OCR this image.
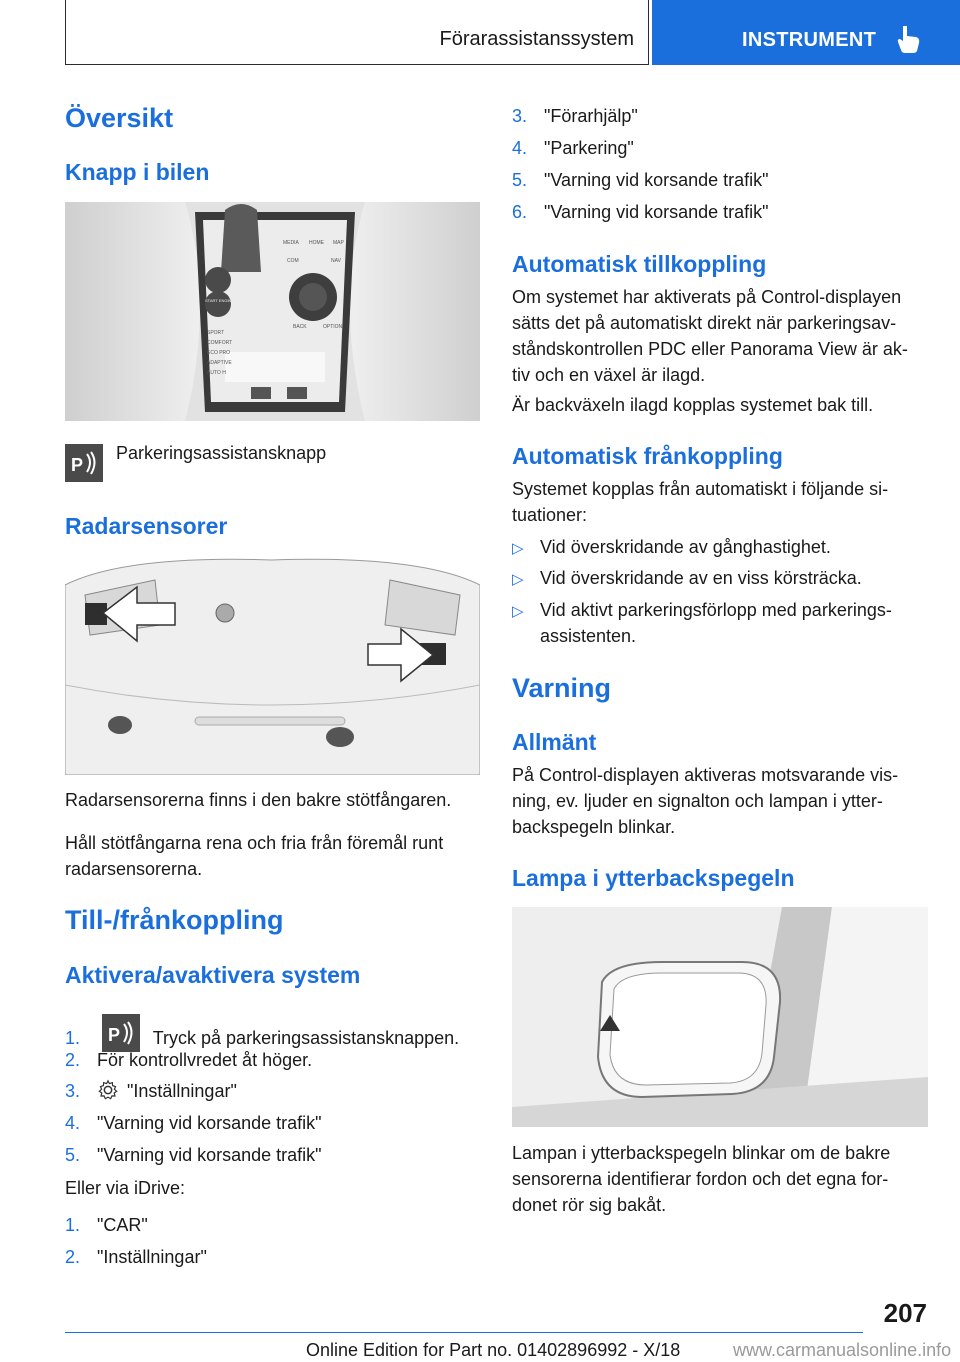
Förarassistanssystem	INSTRUMENT
Översikt
Knapp i bilen
MEDIA HOME MAP
COM	NAV
BACK	OPTION
SPORT
COMFORT
ECO PRO
ADAPTIVE
AUTO H
START ENGINE STOP
P
Parkeringsassistansknapp
Radarsensorer
Radarsensorerna finns i den bakre stötfångaren.
Håll stötfångarna rena och fria från föremål runt
radarsensorerna.
Till-/frånkoppling
Aktivera/avaktivera system
1. P Tryck på parkeringsassistansknappen.
2. För kontrollvredet åt höger.
3.	"Inställningar"
4. "Varning vid korsande trafik"
5. "Varning vid korsande trafik"
Eller via iDrive:
1. "CAR"
2. "Inställningar"
3. "Förarhjälp"
4. "Parkering"
5. "Varning vid korsande trafik"
6. "Varning vid korsande trafik"
Automatisk tillkoppling
Om systemet har aktiverats på Control-displayen
sätts det på automatiskt direkt när parkeringsav-
ståndskontrollen PDC eller Panorama View är ak-
tiv och en växel är ilagd.
Är backväxeln ilagd kopplas systemet bak till.
Automatisk frånkoppling
Systemet kopplas från automatiskt i följande si-
tuationer:
▷ Vid överskridande av gånghastighet.
▷ Vid överskridande av en viss körsträcka.
▷ Vid aktivt parkeringsförlopp med parkerings-
assistenten.
Varning
Allmänt
På Control-displayen aktiveras motsvarande vis-
ning, ev. ljuder en signalton och lampan i ytter-
backspegeln blinkar.
Lampa i ytterbackspegeln
Lampan i ytterbackspegeln blinkar om de bakre
sensorerna identifierar fordon och det egna for-
donet rör sig bakåt.
207
Online Edition for Part no. 01402896992 - X/18	www.carmanualsonline.info
